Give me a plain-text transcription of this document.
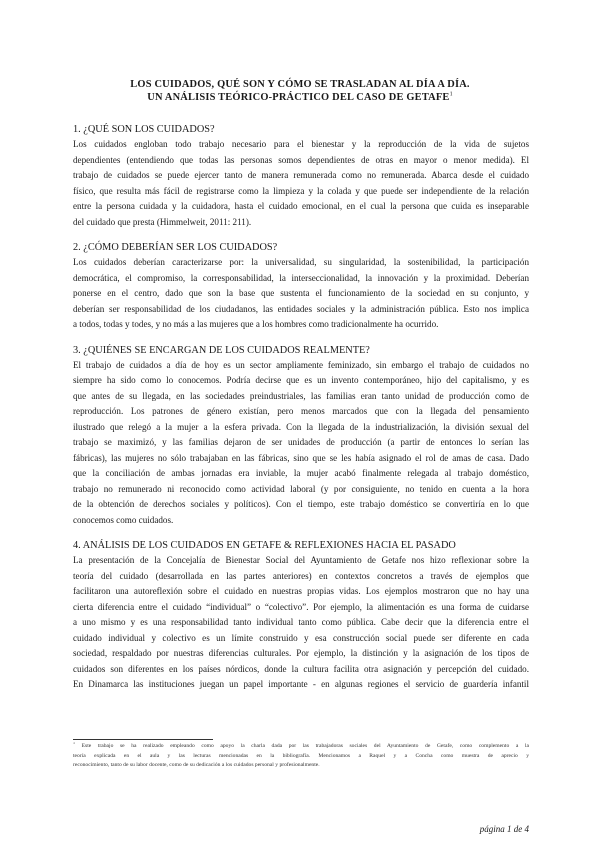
LOS CUIDADOS, QUÉ SON Y CÓMO SE TRASLADAN AL DÍA A DÍA.
UN ANÁLISIS TEÓRICO-PRÁCTICO DEL CASO DE GETAFE$^1$
1. ¿QUÉ SON LOS CUIDADOS?
Los cuidados engloban todo trabajo necesario para el bienestar y la reproducción de la vida de sujetos
dependientes (entendiendo que todas las personas somos dependientes de otras en mayor o menor medida). El
trabajo de cuidados se puede ejercer tanto de manera remunerada como no remunerada. Abarca desde el cuidado
físico, que resulta más fácil de registrarse como la limpieza y la colada y que puede ser independiente de la relación
entre la persona cuidada y la cuidadora, hasta el cuidado emocional, en el cual la persona que cuida es inseparable
del cuidado que presta (Himmelweit, 2011: 211).
2. ¿CÓMO DEBERÍAN SER LOS CUIDADOS?
Los cuidados deberían caracterizarse por: la universalidad, su singularidad, la sostenibilidad, la participación
democrática, el compromiso, la corresponsabilidad, la interseccionalidad, la innovación y la proximidad. Deberían
ponerse en el centro, dado que son la base que sustenta el funcionamiento de la sociedad en su conjunto, y
deberían ser responsabilidad de los ciudadanos, las entidades sociales y la administración pública. Esto nos implica
a todos, todas y todes, y no más a las mujeres que a los hombres como tradicionalmente ha ocurrido.
3. ¿QUIÉNES SE ENCARGAN DE LOS CUIDADOS REALMENTE?
El trabajo de cuidados a día de hoy es un sector ampliamente feminizado, sin embargo el trabajo de cuidados no
siempre ha sido como lo conocemos. Podría decirse que es un invento contemporáneo, hijo del capitalismo, y es
que antes de su llegada, en las sociedades preindustriales, las familias eran tanto unidad de producción como de
reproducción. Los patrones de género existían, pero menos marcados que con la llegada del pensamiento
ilustrado que relegó a la mujer a la esfera privada. Con la llegada de la industrialización, la división sexual del
trabajo se maximizó, y las familias dejaron de ser unidades de producción (a partir de entonces lo serían las
fábricas), las mujeres no sólo trabajaban en las fábricas, sino que se les había asignado el rol de amas de casa. Dado
que la conciliación de ambas jornadas era inviable, la mujer acabó finalmente relegada al trabajo doméstico,
trabajo no remunerado ni reconocido como actividad laboral (y por consiguiente, no tenido en cuenta a la hora
de la obtención de derechos sociales y políticos). Con el tiempo, este trabajo doméstico se convertiría en lo que
conocemos como cuidados.
4. ANÁLISIS DE LOS CUIDADOS EN GETAFE & REFLEXIONES HACIA EL PASADO
La presentación de la Concejalía de Bienestar Social del Ayuntamiento de Getafe nos hizo reflexionar sobre la
teoría del cuidado (desarrollada en las partes anteriores) en contextos concretos a través de ejemplos que
facilitaron una autoreflexión sobre el cuidado en nuestras propias vidas. Los ejemplos mostraron que no hay una
cierta diferencia entre el cuidado “individual” o “colectivo”. Por ejemplo, la alimentación es una forma de cuidarse
a uno mismo y es una responsabilidad tanto individual tanto como pública. Cabe decir que la diferencia entre el
cuidado individual y colectivo es un límite construido y esa construcción social puede ser diferente en cada
sociedad, respaldado por nuestras diferencias culturales. Por ejemplo, la distinción y la asignación de los tipos de
cuidados son diferentes en los países nórdicos, donde la cultura facilita otra asignación y percepción del cuidado.
En Dinamarca las instituciones juegan un papel importante - en algunas regiones el servicio de guardería infantil
$^1$ Este trabajo se ha realizado empleando como apoyo la charla dada por las trabajadoras sociales del Ayuntamiento de Getafe, como complemento a la
teoría explicada en el aula y las lecturas mencionadas en la bibliografía. Mencionamos a Raquel y a Concha como muestra de aprecio y
reconocimiento, tanto de su labor docente, como de su dedicación a los cuidados personal y profesionalmente.
página 1 de 4
